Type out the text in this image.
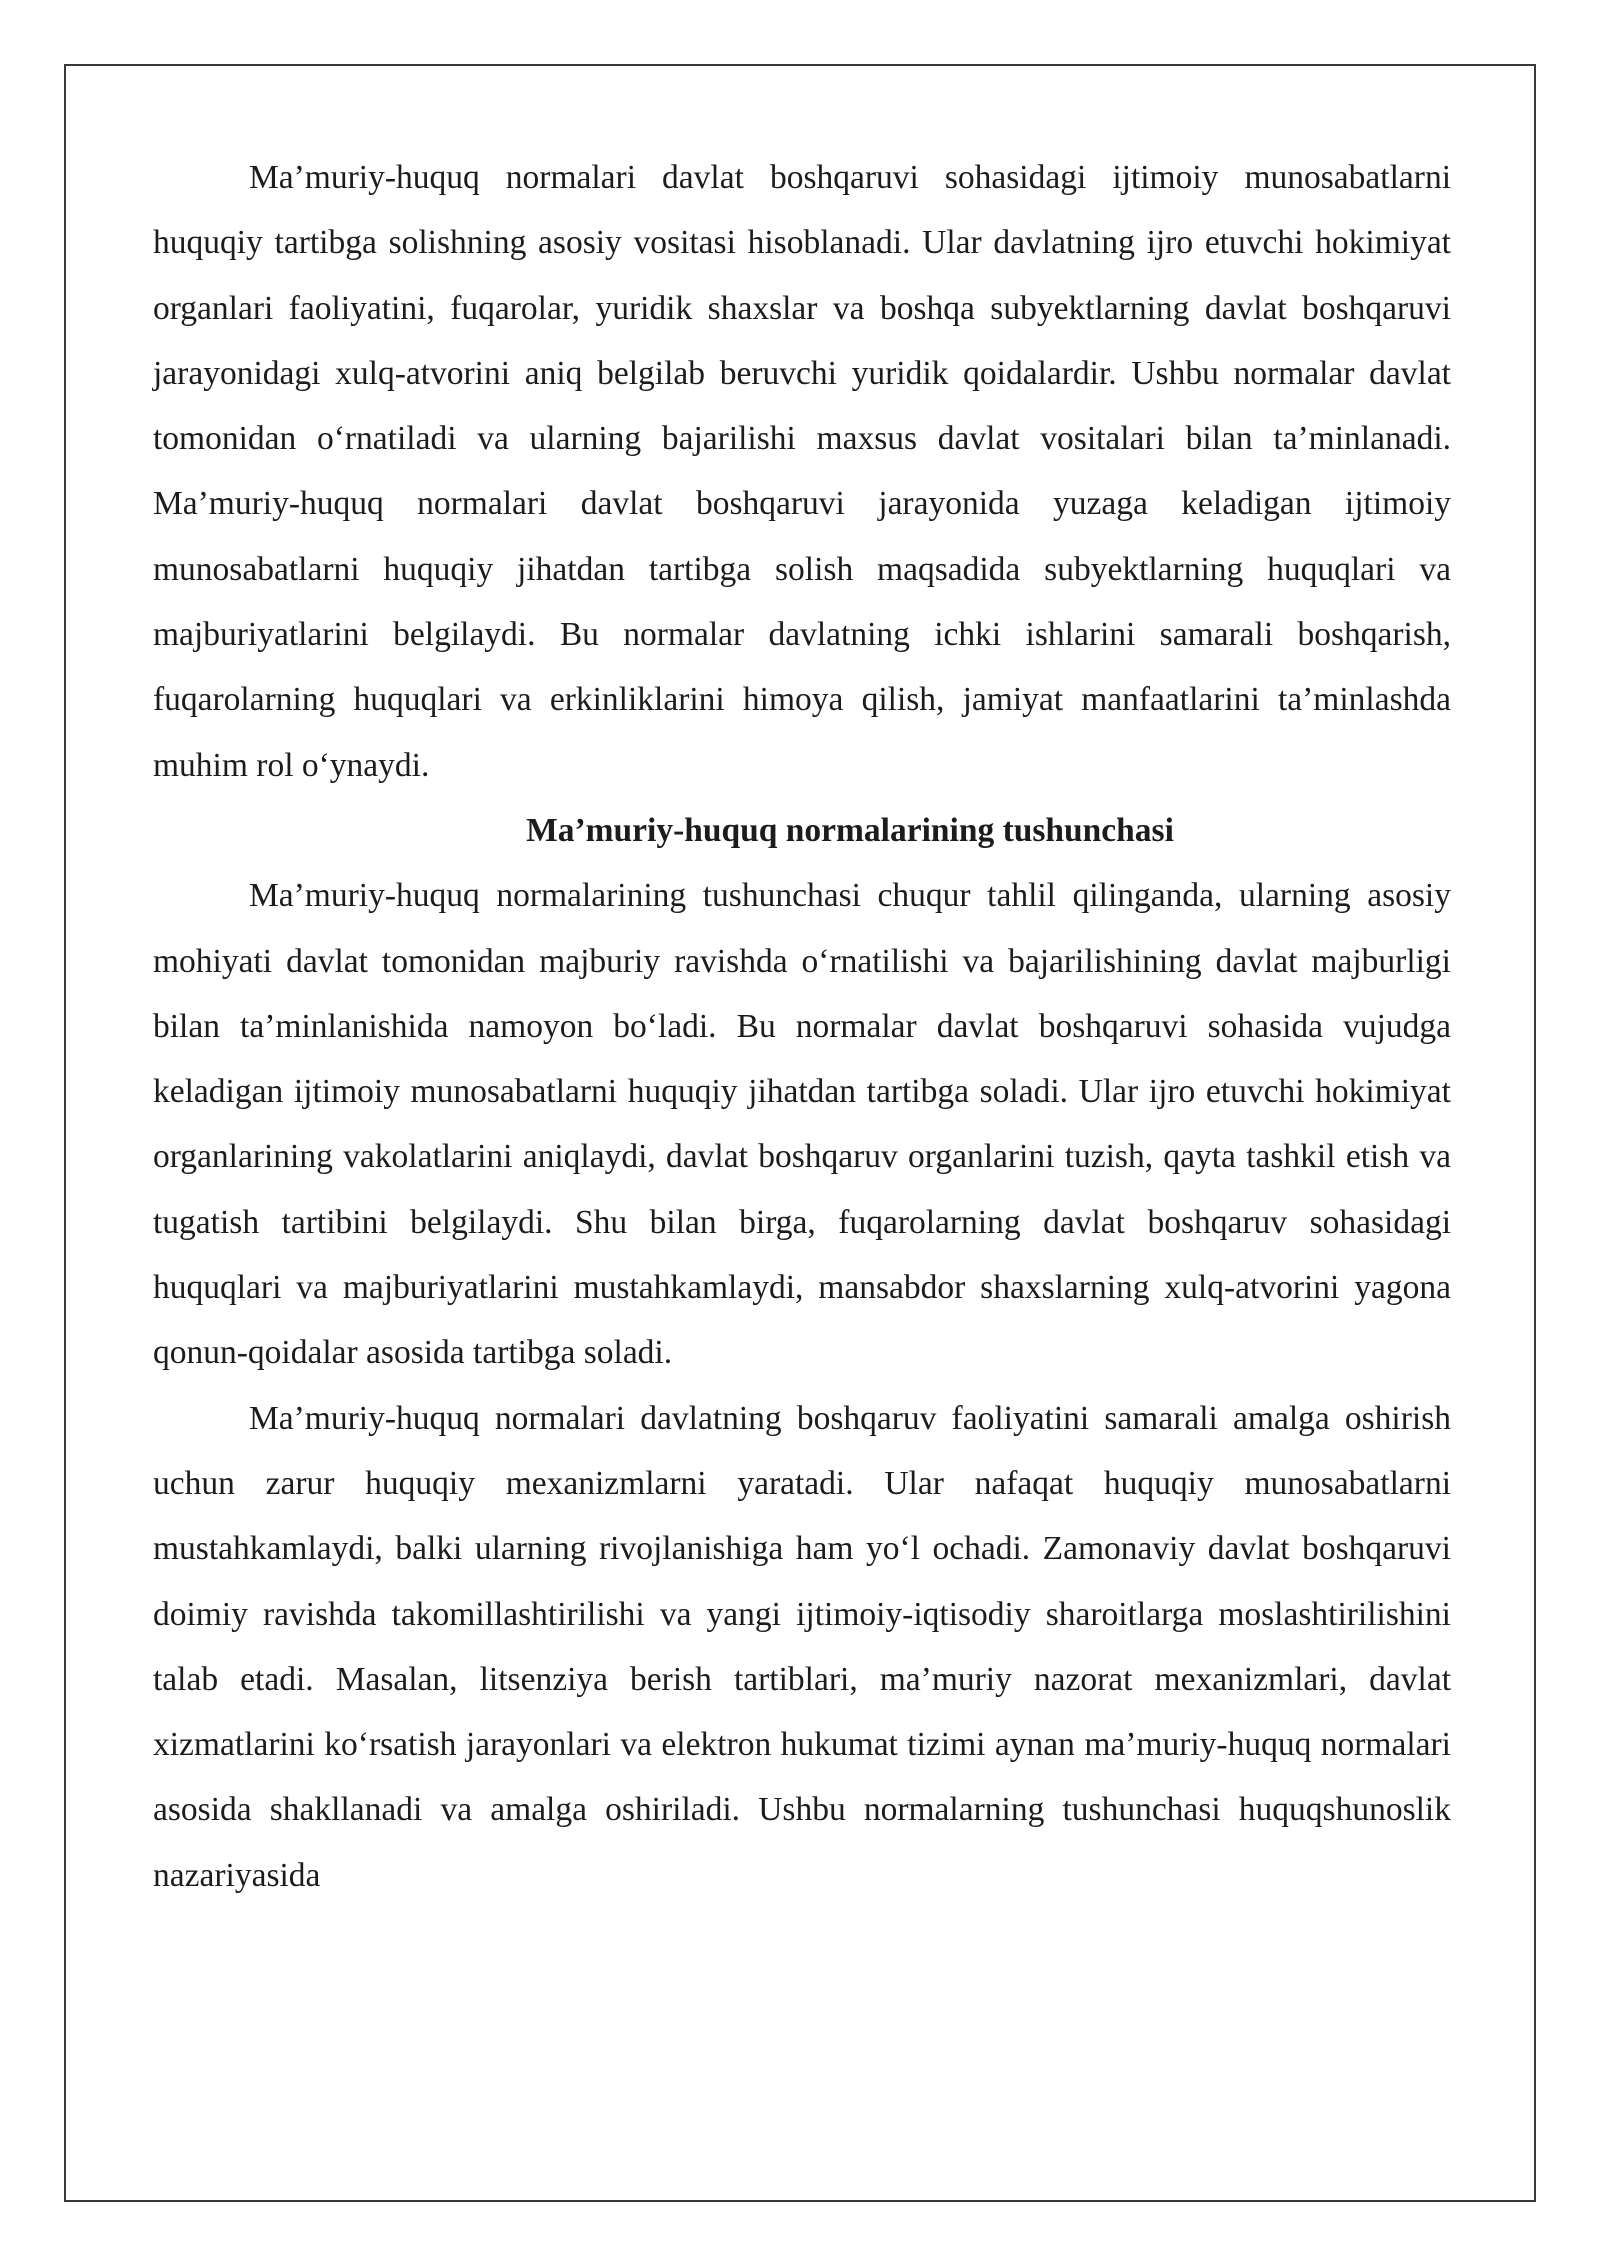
Ma’muriy-huquq normalari davlat boshqaruvi sohasidagi ijtimoiy munosabatlarni huquqiy tartibga solishning asosiy vositasi hisoblanadi. Ular davlatning ijro etuvchi hokimiyat organlari faoliyatini, fuqarolar, yuridik shaxslar va boshqa subyektlarning davlat boshqaruvi jarayonidagi xulq-atvorini aniq belgilab beruvchi yuridik qoidalardir. Ushbu normalar davlat tomonidan o‘rnatiladi va ularning bajarilishi maxsus davlat vositalari bilan ta’minlanadi. Ma’muriy-huquq normalari davlat boshqaruvi jarayonida yuzaga keladigan ijtimoiy munosabatlarni huquqiy jihatdan tartibga solish maqsadida subyektlarning huquqlari va majburiyatlarini belgilaydi. Bu normalar davlatning ichki ishlarini samarali boshqarish, fuqarolarning huquqlari va erkinliklarini himoya qilish, jamiyat manfaatlarini ta’minlashda muhim rol o‘ynaydi.

Ma’muriy-huquq normalarining tushunchasi

Ma’muriy-huquq normalarining tushunchasi chuqur tahlil qilinganda, ularning asosiy mohiyati davlat tomonidan majburiy ravishda o‘rnatilishi va bajarilishining davlat majburligi bilan ta’minlanishida namoyon bo‘ladi. Bu normalar davlat boshqaruvi sohasida vujudga keladigan ijtimoiy munosabatlarni huquqiy jihatdan tartibga soladi. Ular ijro etuvchi hokimiyat organlarining vakolatlarini aniqlaydi, davlat boshqaruv organlarini tuzish, qayta tashkil etish va tugatish tartibini belgilaydi. Shu bilan birga, fuqarolarning davlat boshqaruv sohasidagi huquqlari va majburiyatlarini mustahkamlaydi, mansabdor shaxslarning xulq-atvorini yagona qonun-qoidalar asosida tartibga soladi.

Ma’muriy-huquq normalari davlatning boshqaruv faoliyatini samarali amalga oshirish uchun zarur huquqiy mexanizmlarni yaratadi. Ular nafaqat huquqiy munosabatlarni mustahkamlaydi, balki ularning rivojlanishiga ham yo‘l ochadi. Zamonaviy davlat boshqaruvi doimiy ravishda takomillashtirilishi va yangi ijtimoiy-iqtisodiy sharoitlarga moslashtirilishini talab etadi. Masalan, litsenziya berish tartiblari, ma’muriy nazorat mexanizmlari, davlat xizmatlarini ko‘rsatish jarayonlari va elektron hukumat tizimi aynan ma’muriy-huquq normalari asosida shakllanadi va amalga oshiriladi. Ushbu normalarning tushunchasi huquqshunoslik nazariyasida
